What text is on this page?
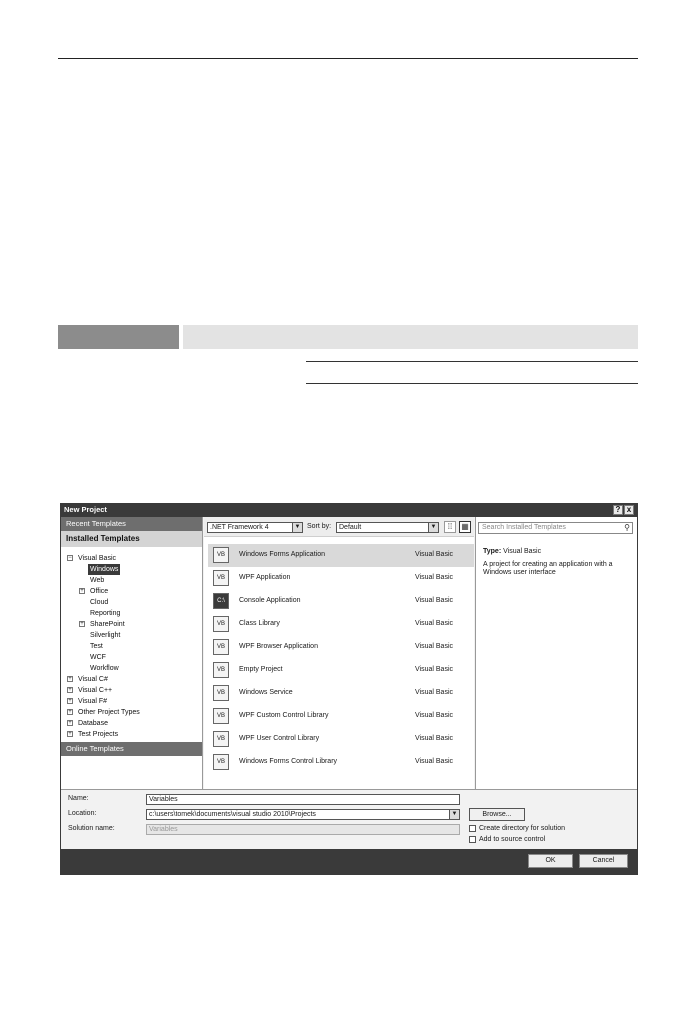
New Project	? x
Recent Templates
Installed Templates
− Visual Basic
Windows
Web
+ Office
Cloud
Reporting
+ SharePoint
Silverlight
Test
WCF
Workflow
+ Visual C#
+ Visual C++
+ Visual F#
+ Other Project Types
+ Database
+ Test Projects
Online Templates
.NET Framework 4	▼ Sort by:	Default	▼	⁞⁞	▦
VB	Windows Forms Application	Visual Basic
VB	WPF Application	Visual Basic
C:\	Console Application	Visual Basic
VB	Class Library	Visual Basic
VB	WPF Browser Application	Visual Basic
VB	Empty Project	Visual Basic
VB	Windows Service	Visual Basic
VB	WPF Custom Control Library	Visual Basic
VB	WPF User Control Library	Visual Basic
VB	Windows Forms Control Library	Visual Basic
Search Installed Templates	⚲
Type: Visual Basic
A project for creating an application with a Windows user interface
Name:	Variables
Location:	c:\users\tomek\documents\visual studio 2010\Projects	▼	Browse...
Solution name:	Variables	Create directory for solution
Add to source control
OK	Cancel
